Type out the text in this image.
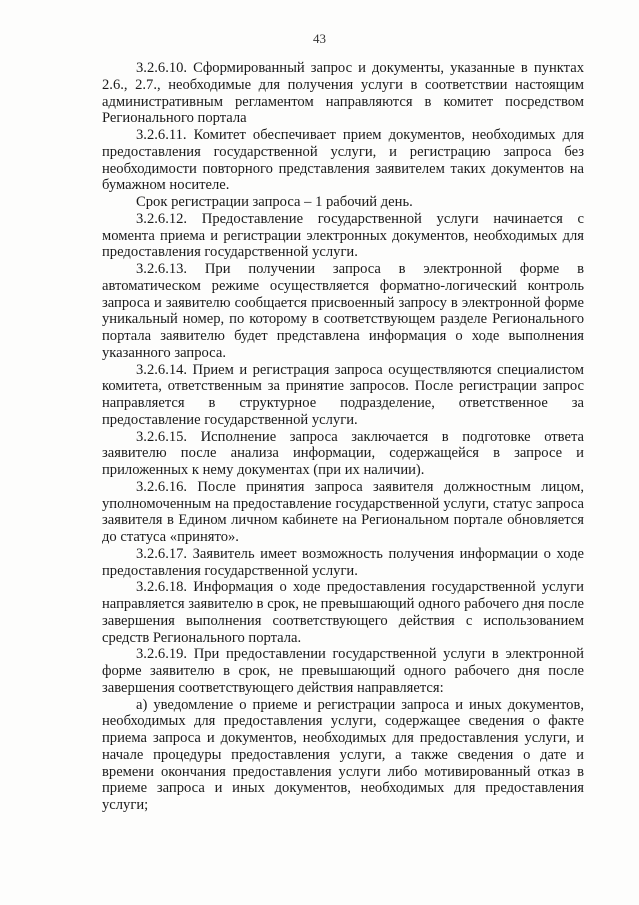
43

3.2.6.10. Сформированный запрос и документы, указанные в пунктах 2.6., 2.7., необходимые для получения услуги в соответствии настоящим административным регламентом направляются в комитет посредством Регионального портала

3.2.6.11. Комитет обеспечивает прием документов, необходимых для предоставления государственной услуги, и регистрацию запроса без необходимости повторного представления заявителем таких документов на бумажном носителе.

Срок регистрации запроса – 1 рабочий день.

3.2.6.12. Предоставление государственной услуги начинается с момента приема и регистрации электронных документов, необходимых для предоставления государственной услуги.

3.2.6.13. При получении запроса в электронной форме в автоматическом режиме осуществляется форматно-логический контроль запроса и заявителю сообщается присвоенный запросу в электронной форме уникальный номер, по которому в соответствующем разделе Регионального портала заявителю будет представлена информация о ходе выполнения указанного запроса.

3.2.6.14. Прием и регистрация запроса осуществляются специалистом комитета, ответственным за принятие запросов. После регистрации запрос направляется в структурное подразделение, ответственное за предоставление государственной услуги.

3.2.6.15. Исполнение запроса заключается в подготовке ответа заявителю после анализа информации, содержащейся в запросе и приложенных к нему документах (при их наличии).

3.2.6.16. После принятия запроса заявителя должностным лицом, уполномоченным на предоставление государственной услуги, статус запроса заявителя в Едином личном кабинете на Региональном портале обновляется до статуса «принято».

3.2.6.17. Заявитель имеет возможность получения информации о ходе предоставления государственной услуги.

3.2.6.18. Информация о ходе предоставления государственной услуги направляется заявителю в срок, не превышающий одного рабочего дня после завершения выполнения соответствующего действия с использованием средств Регионального портала.

3.2.6.19. При предоставлении государственной услуги в электронной форме заявителю в срок, не превышающий одного рабочего дня после завершения соответствующего действия направляется:

а) уведомление о приеме и регистрации запроса и иных документов, необходимых для предоставления услуги, содержащее сведения о факте приема запроса и документов, необходимых для предоставления услуги, и начале процедуры предоставления услуги, а также сведения о дате и времени окончания предоставления услуги либо мотивированный отказ в приеме запроса и иных документов, необходимых для предоставления услуги;
